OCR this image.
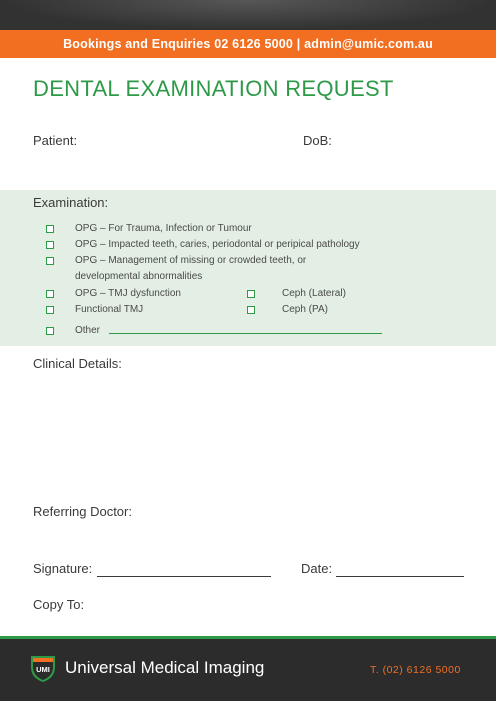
Bookings and Enquiries 02 6126 5000 | admin@umic.com.au
DENTAL EXAMINATION REQUEST
Patient:	DoB:
Examination:
OPG – For Trauma, Infection or Tumour
OPG – Impacted teeth, caries, periodontal or peripical pathology
OPG – Management of missing or crowded teeth, or
developmental abnormalities
OPG – TMJ dysfunction	Ceph (Lateral)
Functional TMJ	Ceph (PA)
Other
Clinical Details:
Referring Doctor:
Signature:	Date:
Copy To:
UMI Universal Medical Imaging	T. (02) 6126 5000
